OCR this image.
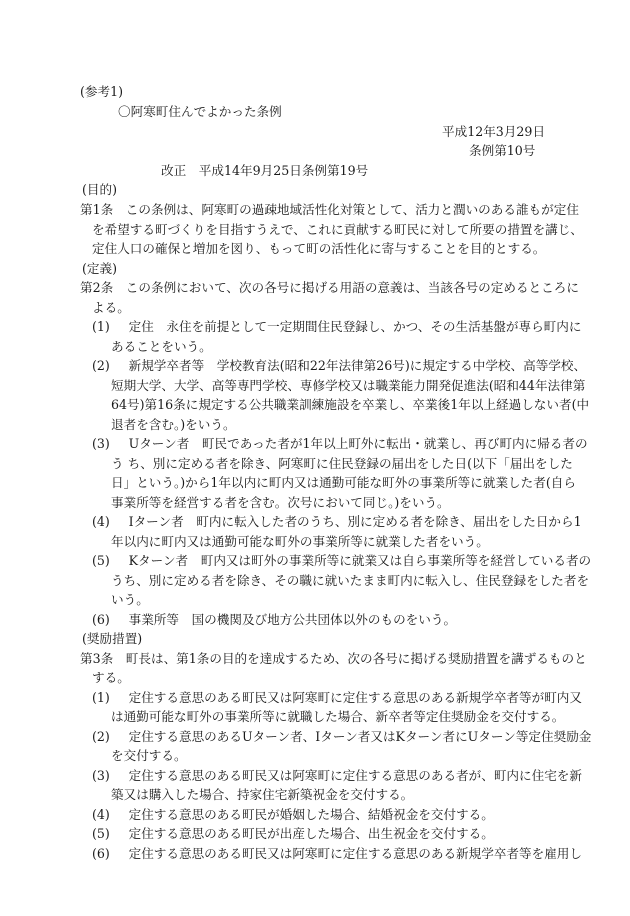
(参考1)
〇阿寒町住んでよかった条例
平成12年3月29日
条例第10号
改正　平成14年9月25日条例第19号
(目的)
第1条　この条例は、阿寒町の過疎地域活性化対策として、活力と潤いのある誰もが定住
を希望する町づくりを目指すうえで、これに貢献する町民に対して所要の措置を講じ、
定住人口の確保と増加を図り、もって町の活性化に寄与することを目的とする。
(定義)
第2条　この条例において、次の各号に掲げる用語の意義は、当該各号の定めるところに
よる。
(1)　 定住　永住を前提として一定期間住民登録し、かつ、その生活基盤が専ら町内に
あることをいう。
(2)　 新規学卒者等　学校教育法(昭和22年法律第26号)に規定する中学校、高等学校、
短期大学、大学、高等専門学校、専修学校又は職業能力開発促進法(昭和44年法律第
64号)第16条に規定する公共職業訓練施設を卒業し、卒業後1年以上経過しない者(中
退者を含む。)をいう。
(3)　 Uターン者　町民であった者が1年以上町外に転出・就業し、再び町内に帰る者の
う ち、別に定める者を除き、阿寒町に住民登録の届出をした日(以下「届出をした
日」という。)から1年以内に町内又は通勤可能な町外の事業所等に就業した者(自ら
事業所等を経営する者を含む。次号において同じ。)をいう。
(4)　 Iターン者　町内に転入した者のうち、別に定める者を除き、届出をした日から1
年以内に町内又は通勤可能な町外の事業所等に就業した者をいう。
(5)　 Kターン者　町内又は町外の事業所等に就業又は自ら事業所等を経営している者の
うち、別に定める者を除き、その職に就いたまま町内に転入し、住民登録をした者を
いう。
(6)　 事業所等　国の機関及び地方公共団体以外のものをいう。
(奨励措置)
第3条　町長は、第1条の目的を達成するため、次の各号に掲げる奨励措置を講ずるものと
する。
(1)　 定住する意思のある町民又は阿寒町に定住する意思のある新規学卒者等が町内又
は通勤可能な町外の事業所等に就職した場合、新卒者等定住奨励金を交付する。
(2)　 定住する意思のあるUターン者、Iターン者又はKターン者にUターン等定住奨励金
を交付する。
(3)　 定住する意思のある町民又は阿寒町に定住する意思のある者が、町内に住宅を新
築又は購入した場合、持家住宅新築祝金を交付する。
(4)　 定住する意思のある町民が婚姻した場合、結婚祝金を交付する。
(5)　 定住する意思のある町民が出産した場合、出生祝金を交付する。
(6)　 定住する意思のある町民又は阿寒町に定住する意思のある新規学卒者等を雇用し
